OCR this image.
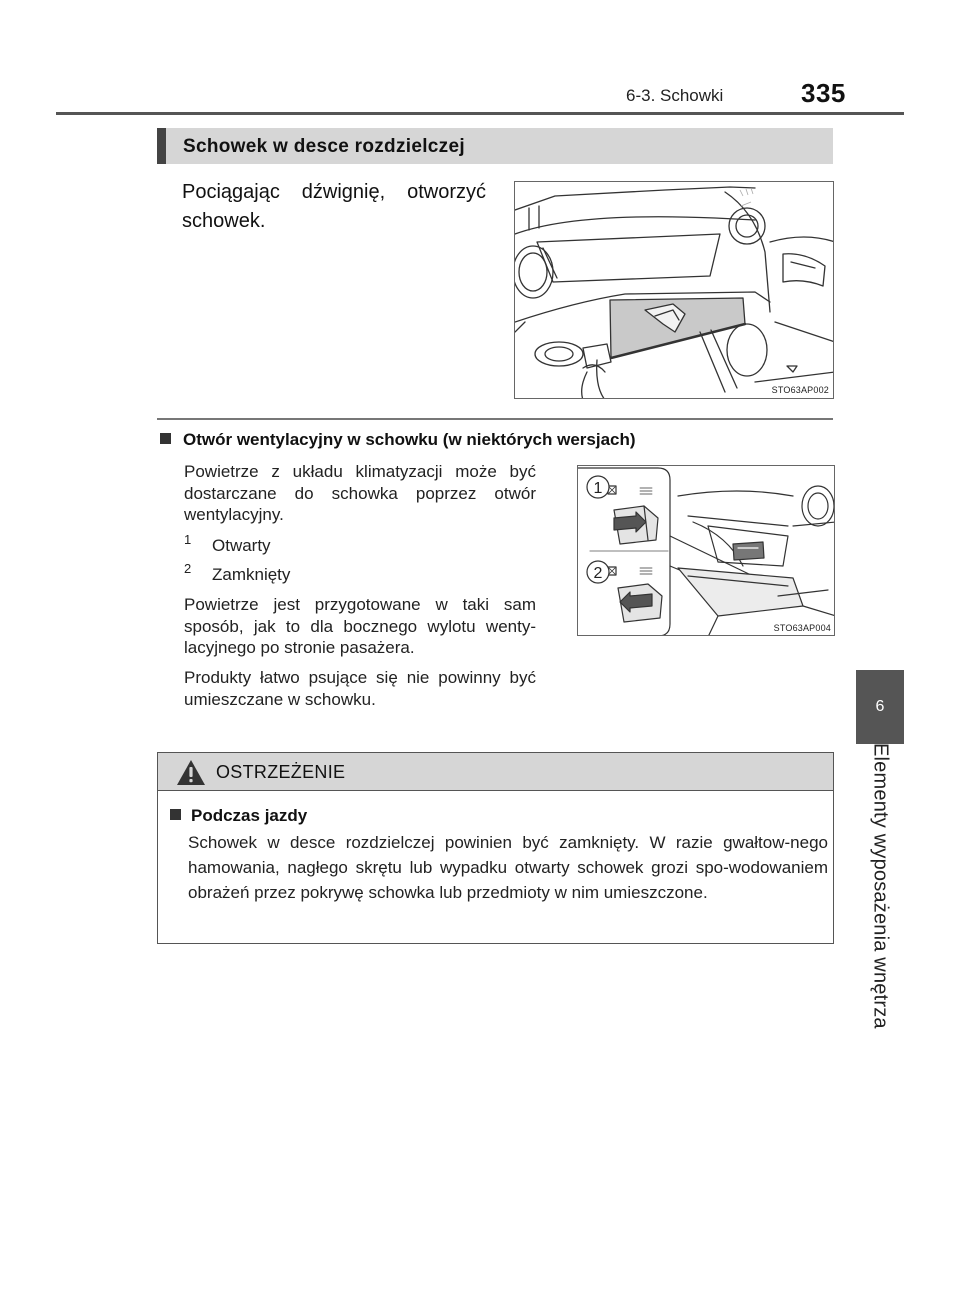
6-3. Schowki	335
6
Elementy wyposażenia wnętrza
Schowek w desce rozdzielczej
Pociągając dźwignię, otworzyć schowek.
STO63AP002
Otwór wentylacyjny w schowku (w niektórych wersjach)
Powietrze z układu klimatyzacji może być dostarczane do schowka poprzez otwór wentylacyjny.
1 Otwarty
2 Zamknięty
Powietrze jest przygotowane w taki sam sposób, jak to dla bocznego wylotu wenty-lacyjnego po stronie pasażera.
Produkty łatwo psujące się nie powinny być umieszczane w schowku.
1
2
STO63AP004
OSTRZEŻENIE
Podczas jazdy
Schowek w desce rozdzielczej powinien być zamknięty. W razie gwałtow-nego hamowania, nagłego skrętu lub wypadku otwarty schowek grozi spo-wodowaniem obrażeń przez pokrywę schowka lub przedmioty w nim umieszczone.
